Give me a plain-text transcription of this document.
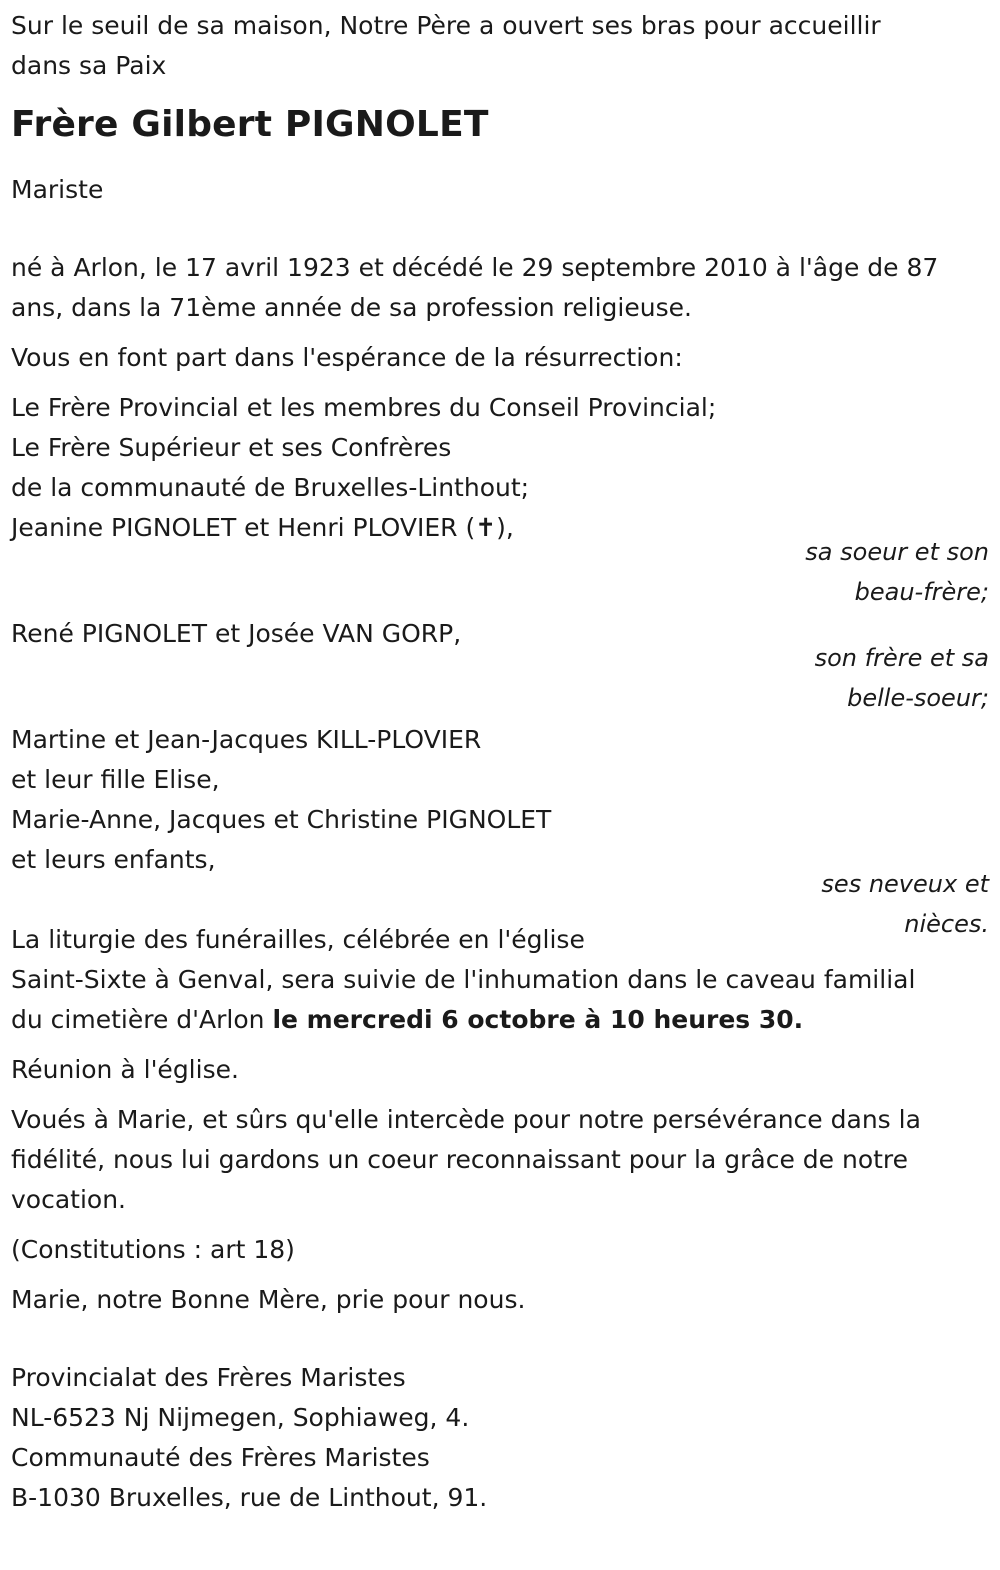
Sur le seuil de sa maison, Notre Père a ouvert ses bras pour accueillir
dans sa Paix

Frère Gilbert PIGNOLET

Mariste

né à Arlon, le 17 avril 1923 et décédé le 29 septembre 2010 à l'âge de 87
ans, dans la 71ème année de sa profession religieuse.

Vous en font part dans l'espérance de la résurrection:

Le Frère Provincial et les membres du Conseil Provincial;
Le Frère Supérieur et ses Confrères
de la communauté de Bruxelles-Linthout;
Jeanine PIGNOLET et Henri PLOVIER (✝),
sa soeur et son
beau-frère;
René PIGNOLET et Josée VAN GORP,
son frère et sa
belle-soeur;
Martine et Jean-Jacques KILL-PLOVIER
et leur fille Elise,
Marie-Anne, Jacques et Christine PIGNOLET
et leurs enfants,
ses neveux et
nièces.

La liturgie des funérailles, célébrée en l'église
Saint-Sixte à Genval, sera suivie de l'inhumation dans le caveau familial
du cimetière d'Arlon le mercredi 6 octobre à 10 heures 30.

Réunion à l'église.

Voués à Marie, et sûrs qu'elle intercède pour notre persévérance dans la
fidélité, nous lui gardons un coeur reconnaissant pour la grâce de notre
vocation.

(Constitutions : art 18)

Marie, notre Bonne Mère, prie pour nous.

Provincialat des Frères Maristes
NL-6523 Nj Nijmegen, Sophiaweg, 4.
Communauté des Frères Maristes
B-1030 Bruxelles, rue de Linthout, 91.
